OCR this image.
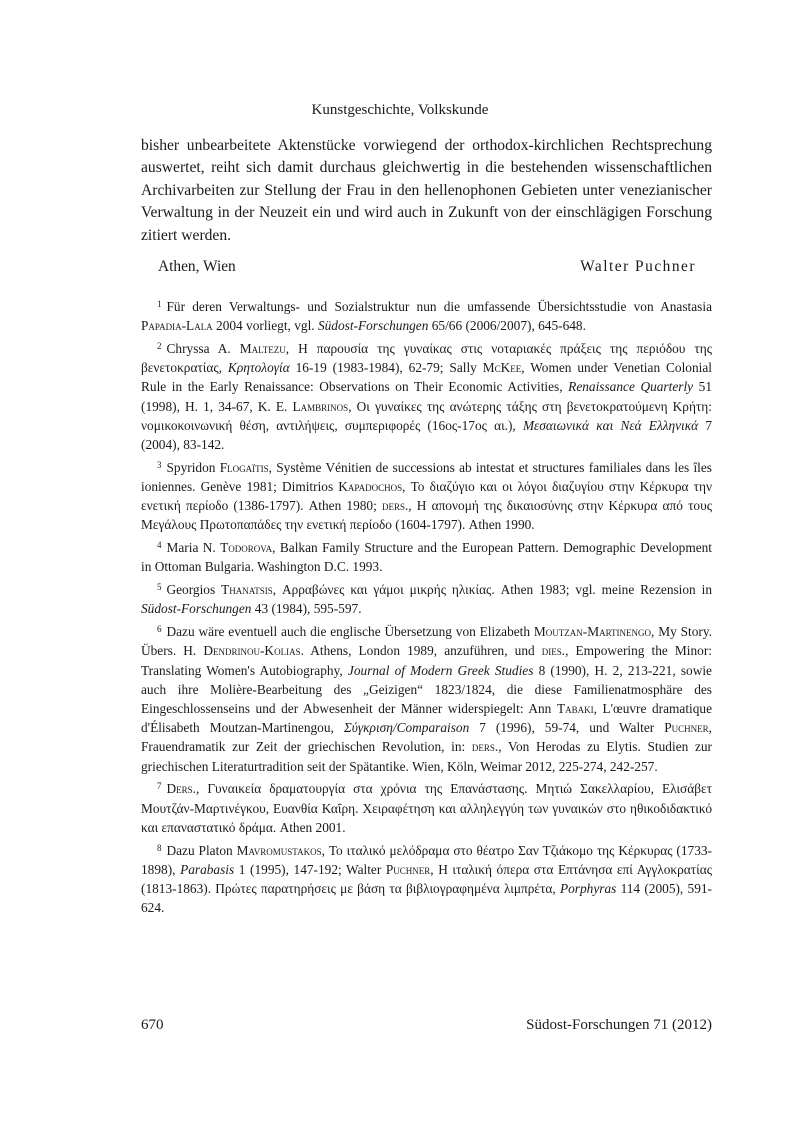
Kunstgeschichte, Volkskunde

bisher unbearbeitete Aktenstücke vorwiegend der orthodox-kirchlichen Rechtsprechung auswertet, reiht sich damit durchaus gleichwertig in die bestehenden wissenschaftlichen Archivarbeiten zur Stellung der Frau in den hellenophonen Gebieten unter venezianischer Verwaltung in der Neuzeit ein und wird auch in Zukunft von der einschlägigen Forschung zitiert werden.

Athen, Wien	Walter Puchner

$^1$ Für deren Verwaltungs- und Sozialstruktur nun die umfassende Übersichtsstudie von Anastasia Papadia-Lala 2004 vorliegt, vgl. Südost-Forschungen 65/66 (2006/2007), 645-648.

$^2$ Chryssa A. Maltezu, Η παρουσία της γυναίκας στις νοταριακές πράξεις της περιόδου της βενετοκρατίας, Κρητολογία 16-19 (1983-1984), 62-79; Sally McKee, Women under Venetian Colonial Rule in the Early Renaissance: Observations on Their Economic Activities, Renaissance Quarterly 51 (1998), H. 1, 34-67, K. E. Lambrinos, Οι γυναίκες της ανώτερης τάξης στη βενετοκρατούμενη Κρήτη: νομικοκοινωνική θέση, αντιλήψεις, συμπεριφορές (16ος-17ος αι.), Μεσαιωνικά και Νεά Ελληνικά 7 (2004), 83-142.

$^3$ Spyridon Flogaïtis, Système Vénitien de successions ab intestat et structures familiales dans les îles ioniennes. Genève 1981; Dimitrios Kapadochos, Το διαζύγιο και οι λόγοι διαζυγίου στην Κέρκυρα την ενετική περίοδο (1386-1797). Athen 1980; ders., Η απονομή της δικαιοσύνης στην Κέρκυρα από τους Μεγάλους Πρωτοπαπάδες την ενετική περίοδο (1604-1797). Athen 1990.

$^4$ Maria N. Todorova, Balkan Family Structure and the European Pattern. Demographic Development in Ottoman Bulgaria. Washington D.C. 1993.

$^5$ Georgios Thanatsis, Αρραβώνες και γάμοι μικρής ηλικίας. Athen 1983; vgl. meine Rezension in Südost-Forschungen 43 (1984), 595-597.

$^6$ Dazu wäre eventuell auch die englische Übersetzung von Elizabeth Moutzan-Martinengo, My Story. Übers. H. Dendrinou-Kolias. Athens, London 1989, anzuführen, und dies., Empowering the Minor: Translating Women's Autobiography, Journal of Modern Greek Studies 8 (1990), H. 2, 213-221, sowie auch ihre Molière-Bearbeitung des „Geizigen“ 1823/1824, die diese Familienatmosphäre des Eingeschlossenseins und der Abwesenheit der Männer widerspiegelt: Ann Tabaki, L'œuvre dramatique d'Élisabeth Moutzan-Martinengou, Σύγκριση/Comparaison 7 (1996), 59-74, und Walter Puchner, Frauendramatik zur Zeit der griechischen Revolution, in: ders., Von Herodas zu Elytis. Studien zur griechischen Literaturtradition seit der Spätantike. Wien, Köln, Weimar 2012, 225-274, 242-257.

$^7$ Ders., Γυναικεία δραματουργία στα χρόνια της Επανάστασης. Μητιώ Σακελλαρίου, Ελισάβετ Μουτζάν-Μαρτινέγκου, Ευανθία Καΐρη. Χειραφέτηση και αλληλεγγύη των γυναικών στο ηθικοδιδακτικό και επαναστατικό δράμα. Athen 2001.

$^8$ Dazu Platon Mavromustakos, Το ιταλικό μελόδραμα στο θέατρο Σαν Τζιάκομο της Κέρκυρας (1733-1898), Parabasis 1 (1995), 147-192; Walter Puchner, Η ιταλική όπερα στα Επτάνησα επί Αγγλοκρατίας (1813-1863). Πρώτες παρατηρήσεις με βάση τα βιβλιογραφημένα λιμπρέτα, Porphyras 114 (2005), 591-624.

670	Südost-Forschungen 71 (2012)
